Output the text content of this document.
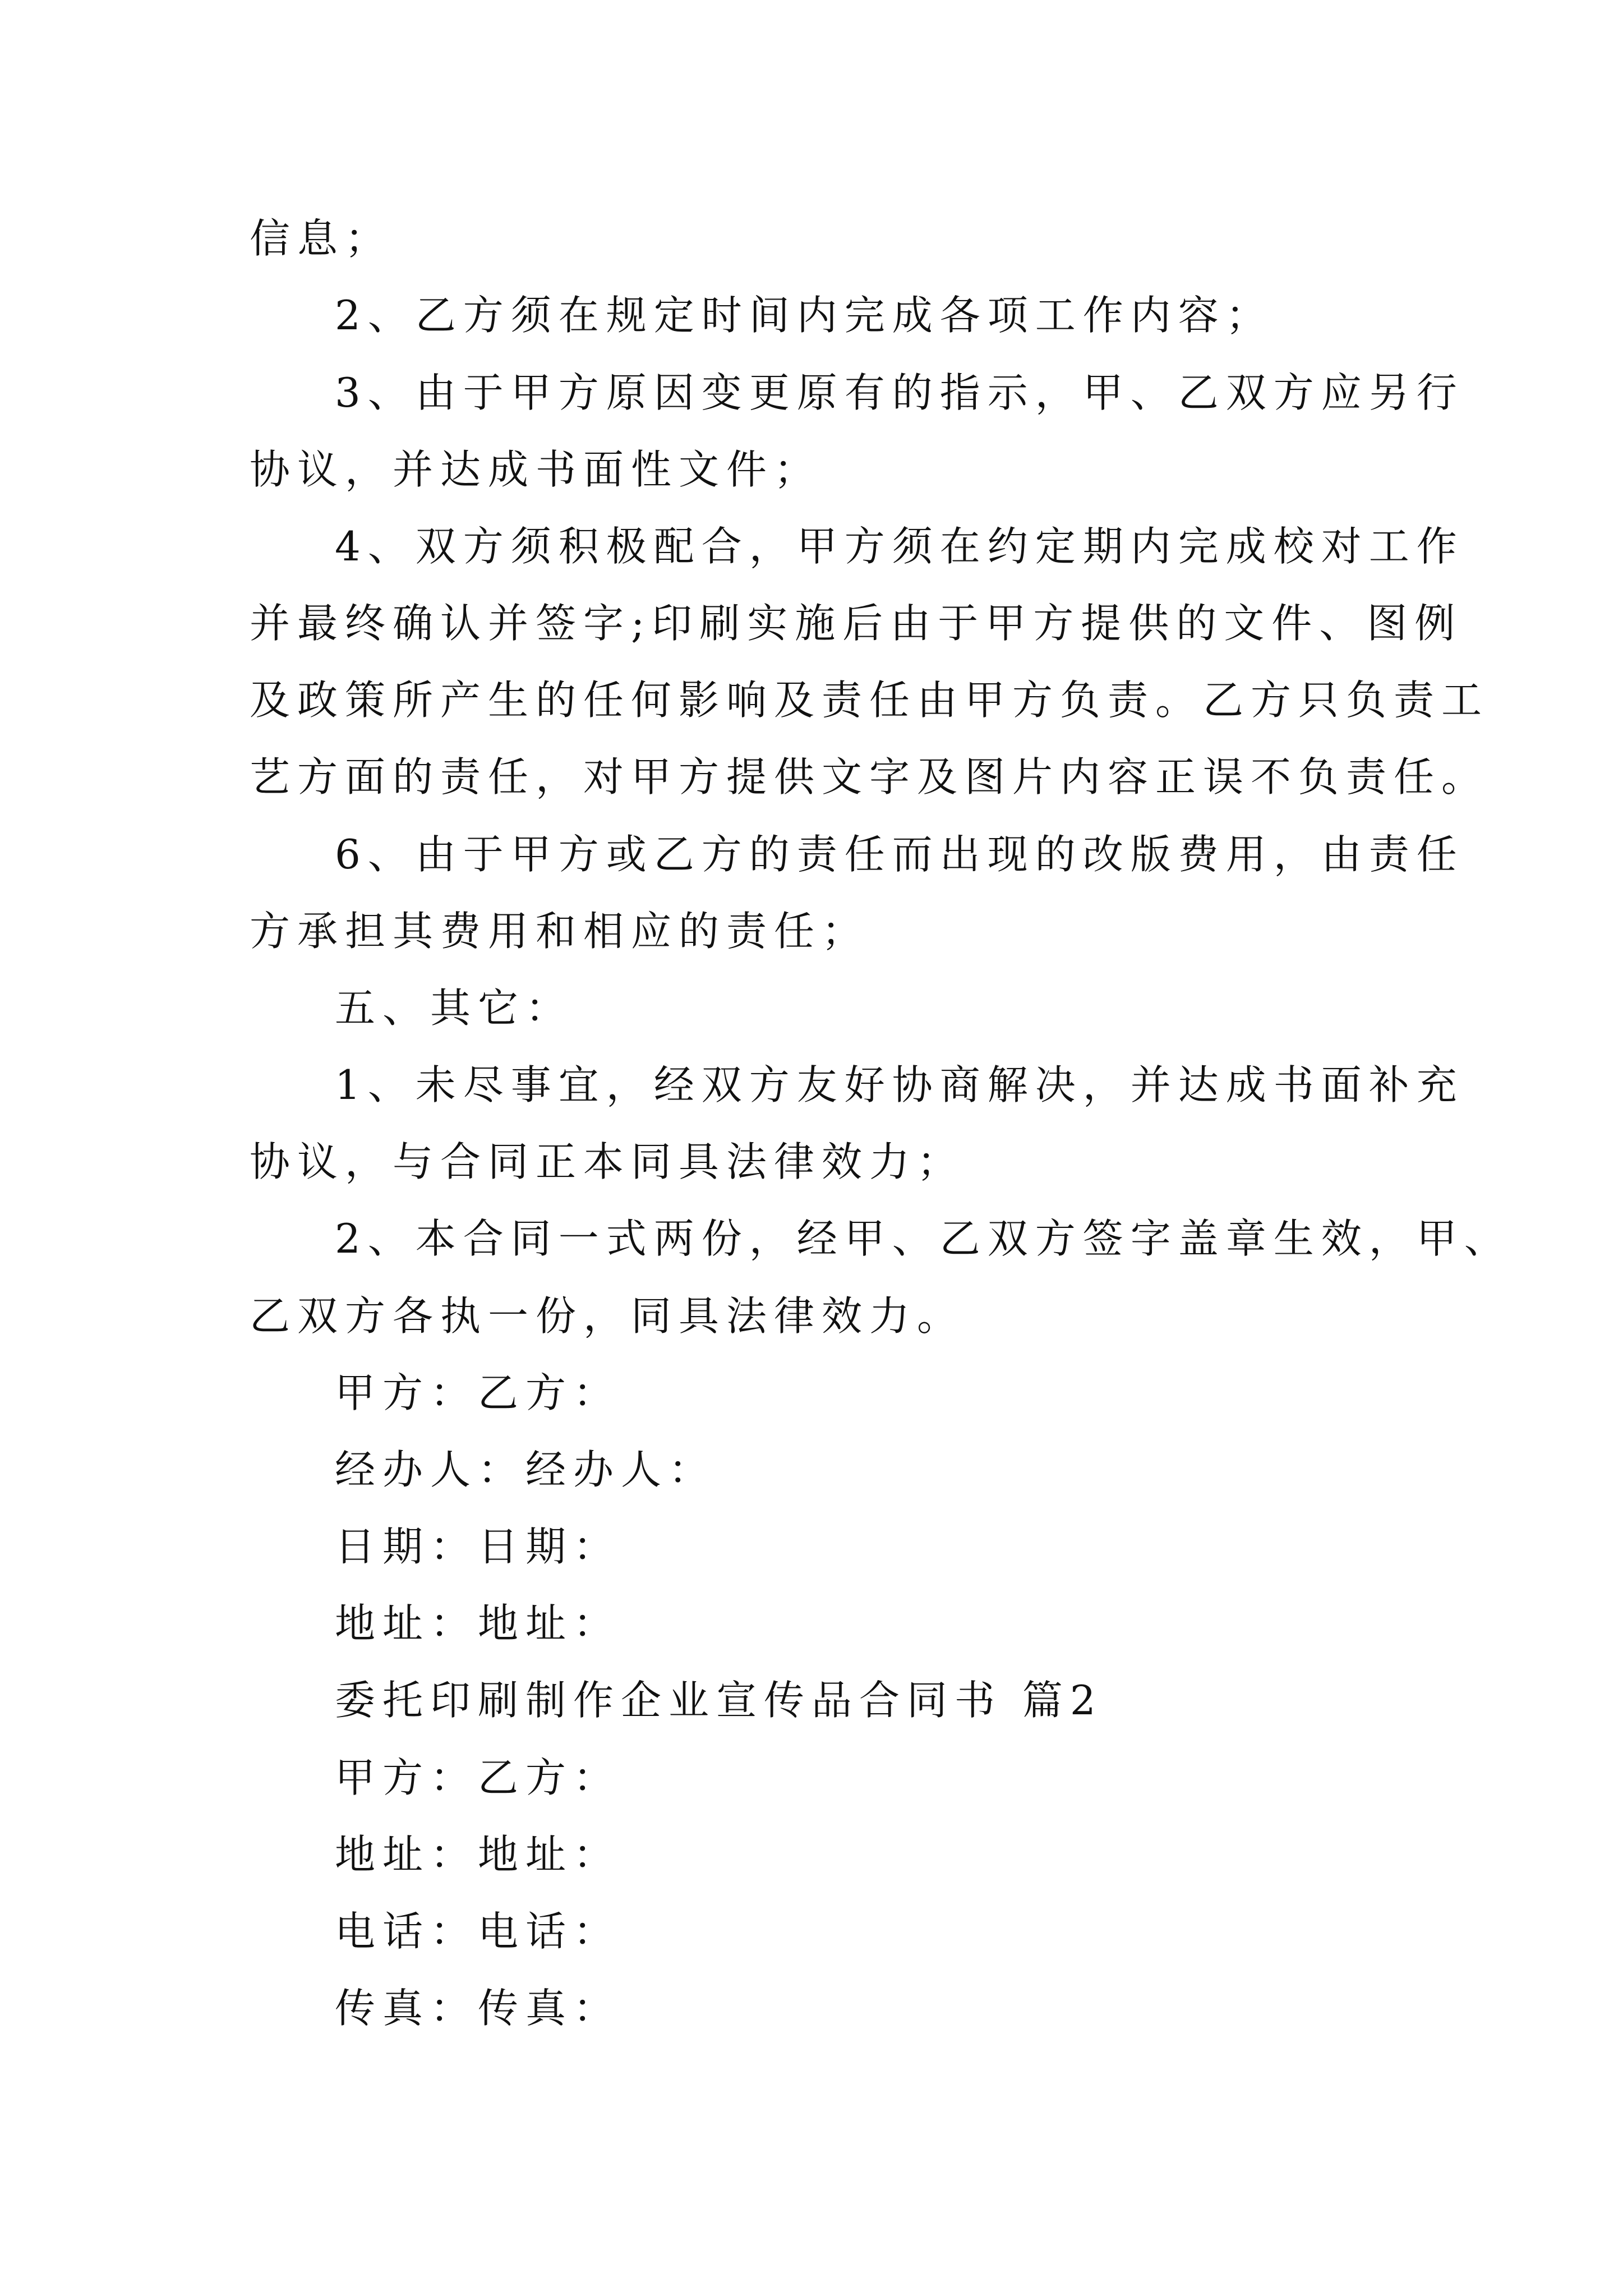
信息；
2、乙方须在规定时间内完成各项工作内容；
3、由于甲方原因变更原有的指示，甲、乙双方应另行
协议，并达成书面性文件；
4、双方须积极配合，甲方须在约定期内完成校对工作
并最终确认并签字;印刷实施后由于甲方提供的文件、图例
及政策所产生的任何影响及责任由甲方负责。乙方只负责工
艺方面的责任，对甲方提供文字及图片内容正误不负责任。
6、由于甲方或乙方的责任而出现的改版费用，由责任
方承担其费用和相应的责任；
五、其它：
1、未尽事宜，经双方友好协商解决，并达成书面补充
协议，与合同正本同具法律效力；
2、本合同一式两份，经甲、乙双方签字盖章生效，甲、
乙双方各执一份，同具法律效力。
甲方：乙方：
经办人：经办人：
日期：日期：
地址：地址：
委托印刷制作企业宣传品合同书 篇2
甲方：乙方：
地址：地址：
电话：电话：
传真：传真：
